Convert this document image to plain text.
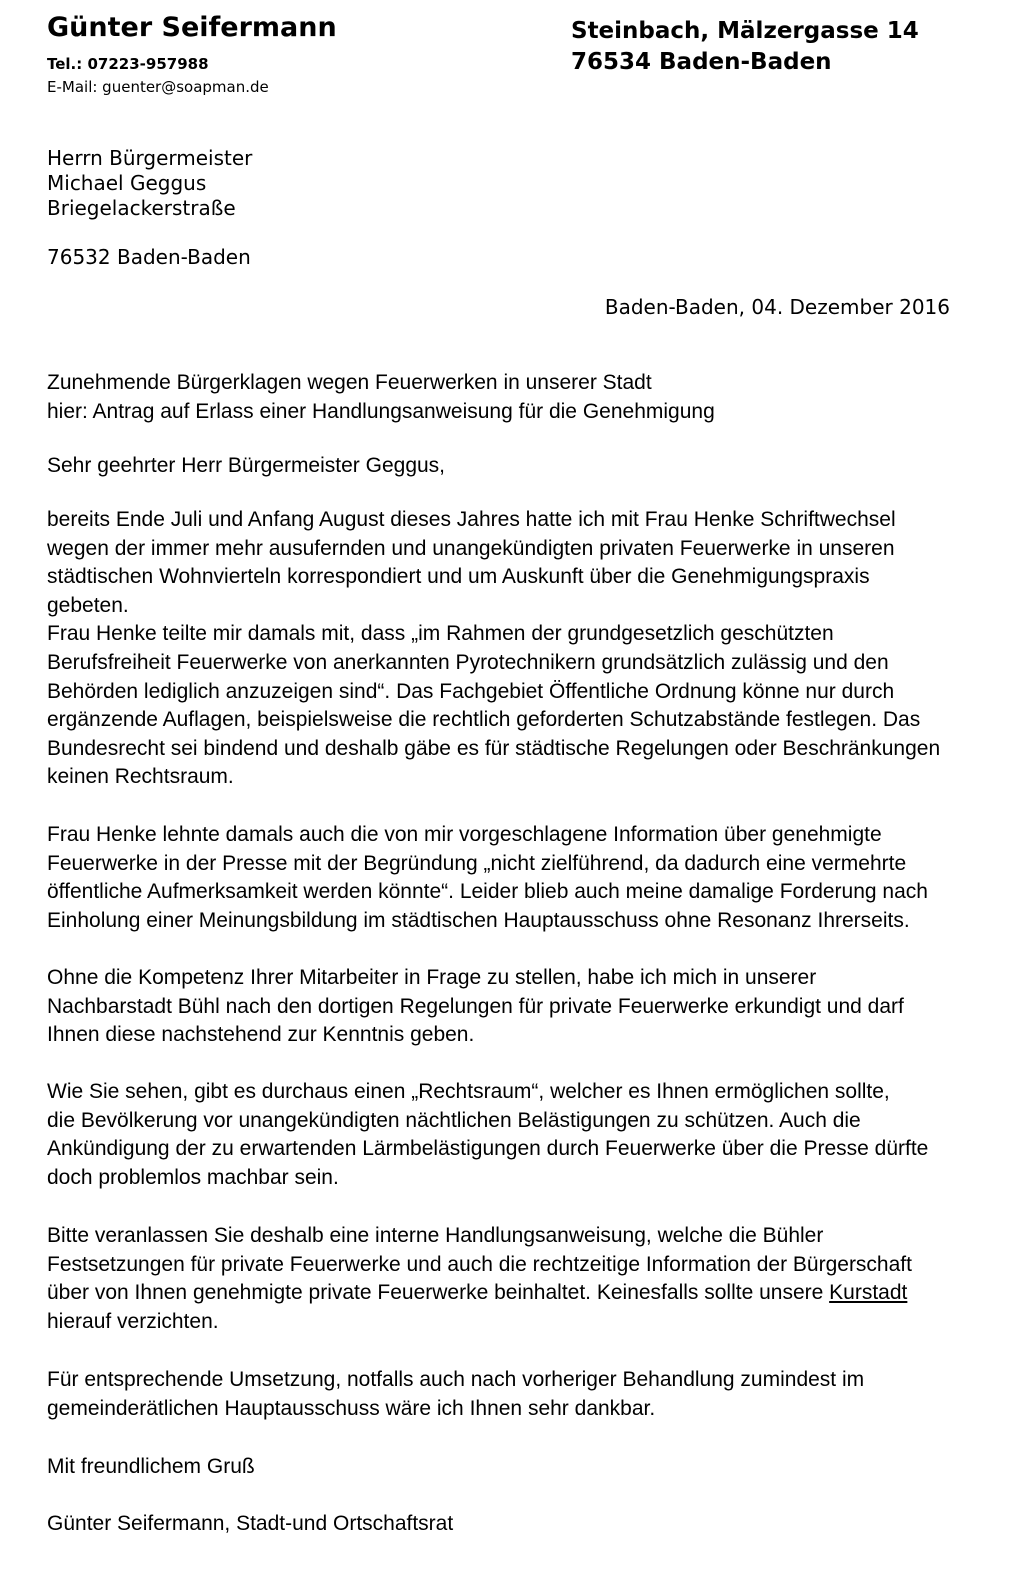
Günter Seifermann
Tel.: 07223-957988
E-Mail: guenter@soapman.de
Steinbach, Mälzergasse 14
76534 Baden-Baden
Herrn Bürgermeister
Michael Geggus
Briegelackerstraße
76532 Baden-Baden
Baden-Baden, 04. Dezember 2016
Zunehmende Bürgerklagen wegen Feuerwerken in unserer Stadt
hier: Antrag auf Erlass einer Handlungsanweisung für die Genehmigung
Sehr geehrter Herr Bürgermeister Geggus,
bereits Ende Juli und Anfang August dieses Jahres hatte ich mit Frau Henke Schriftwechsel
wegen der immer mehr ausufernden und unangekündigten privaten Feuerwerke in unseren
städtischen Wohnvierteln korrespondiert und um Auskunft über die Genehmigungspraxis
gebeten.
Frau Henke teilte mir damals mit, dass „im Rahmen der grundgesetzlich geschützten
Berufsfreiheit Feuerwerke von anerkannten Pyrotechnikern grundsätzlich zulässig und den
Behörden lediglich anzuzeigen sind“. Das Fachgebiet Öffentliche Ordnung könne nur durch
ergänzende Auflagen, beispielsweise die rechtlich geforderten Schutzabstände festlegen. Das
Bundesrecht sei bindend und deshalb gäbe es für städtische Regelungen oder Beschränkungen
keinen Rechtsraum.
Frau Henke lehnte damals auch die von mir vorgeschlagene Information über genehmigte
Feuerwerke in der Presse mit der Begründung „nicht zielführend, da dadurch eine vermehrte
öffentliche Aufmerksamkeit werden könnte“. Leider blieb auch meine damalige Forderung nach
Einholung einer Meinungsbildung im städtischen Hauptausschuss ohne Resonanz Ihrerseits.
Ohne die Kompetenz Ihrer Mitarbeiter in Frage zu stellen, habe ich mich in unserer
Nachbarstadt Bühl nach den dortigen Regelungen für private Feuerwerke erkundigt und darf
Ihnen diese nachstehend zur Kenntnis geben.
Wie Sie sehen, gibt es durchaus einen „Rechtsraum“, welcher es Ihnen ermöglichen sollte,
die Bevölkerung vor unangekündigten nächtlichen Belästigungen zu schützen. Auch die
Ankündigung der zu erwartenden Lärmbelästigungen durch Feuerwerke über die Presse dürfte
doch problemlos machbar sein.
Bitte veranlassen Sie deshalb eine interne Handlungsanweisung, welche die Bühler
Festsetzungen für private Feuerwerke und auch die rechtzeitige Information der Bürgerschaft
über von Ihnen genehmigte private Feuerwerke beinhaltet. Keinesfalls sollte unsere Kurstadt
hierauf verzichten.
Für entsprechende Umsetzung, notfalls auch nach vorheriger Behandlung zumindest im
gemeinderätlichen Hauptausschuss wäre ich Ihnen sehr dankbar.
Mit freundlichem Gruß
Günter Seifermann, Stadt-und Ortschaftsrat
